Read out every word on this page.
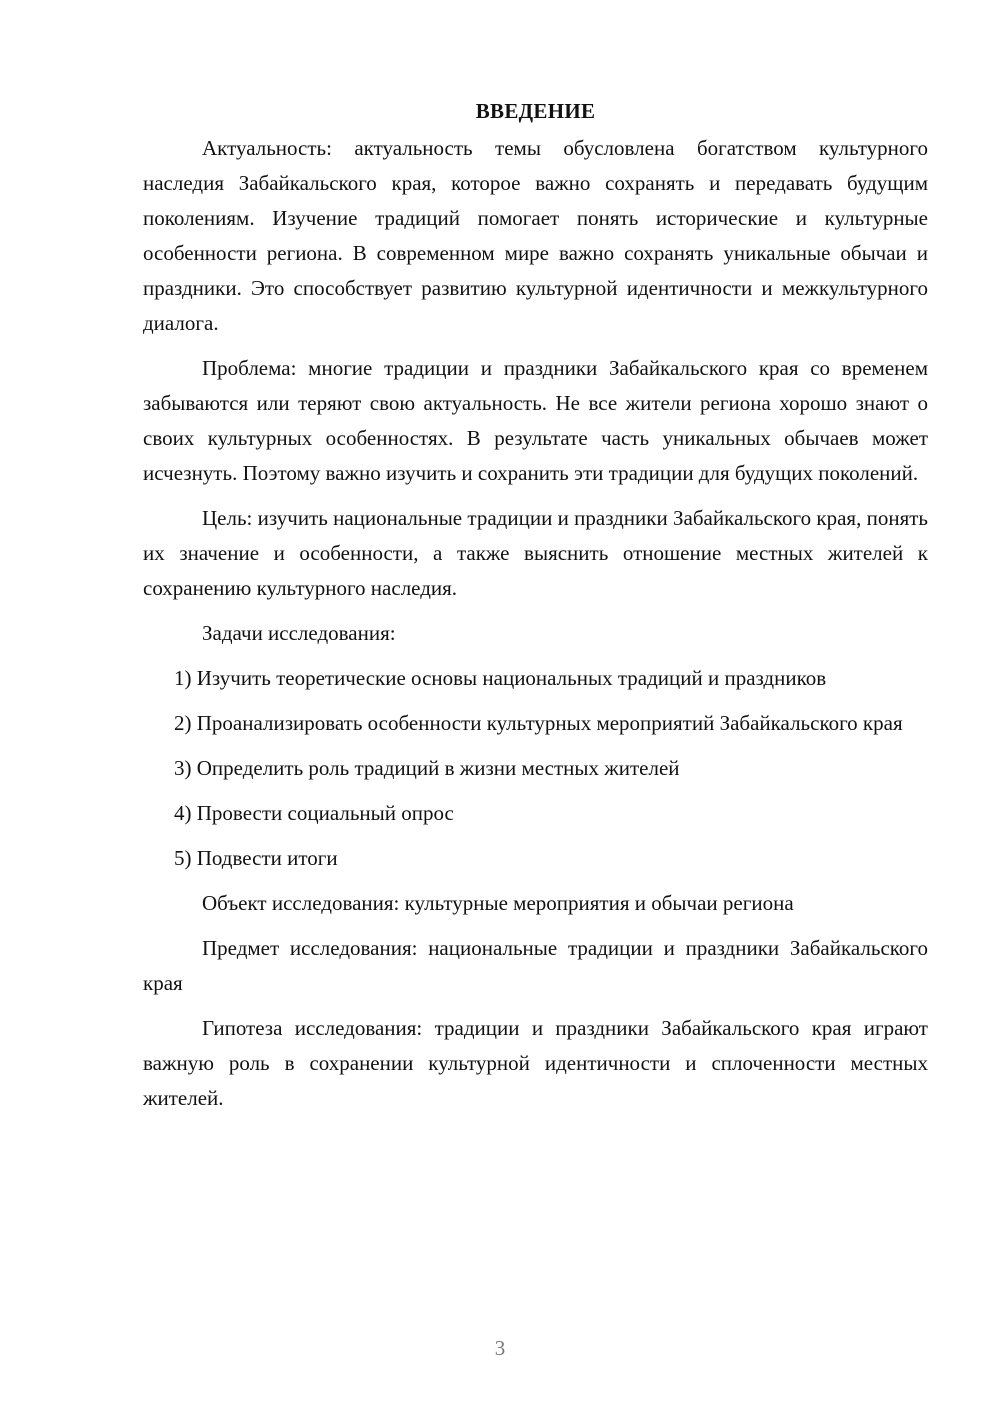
ВВЕДЕНИЕ

Актуальность: актуальность темы обусловлена богатством культурного наследия Забайкальского края, которое важно сохранять и передавать будущим поколениям. Изучение традиций помогает понять исторические и культурные особенности региона. В современном мире важно сохранять уникальные обычаи и праздники. Это способствует развитию культурной идентичности и межкультурного диалога.

Проблема: многие традиции и праздники Забайкальского края со временем забываются или теряют свою актуальность. Не все жители региона хорошо знают о своих культурных особенностях. В результате часть уникальных обычаев может исчезнуть. Поэтому важно изучить и сохранить эти традиции для будущих поколений.

Цель: изучить национальные традиции и праздники Забайкальского края, понять их значение и особенности, а также выяснить отношение местных жителей к сохранению культурного наследия.

Задачи исследования:

1) Изучить теоретические основы национальных традиций и праздников

2) Проанализировать особенности культурных мероприятий Забайкальского края

3) Определить роль традиций в жизни местных жителей

4) Провести социальный опрос

5) Подвести итоги

Объект исследования: культурные мероприятия и обычаи региона

Предмет исследования: национальные традиции и праздники Забайкальского края

Гипотеза исследования: традиции и праздники Забайкальского края играют важную роль в сохранении культурной идентичности и сплоченности местных жителей.

3
